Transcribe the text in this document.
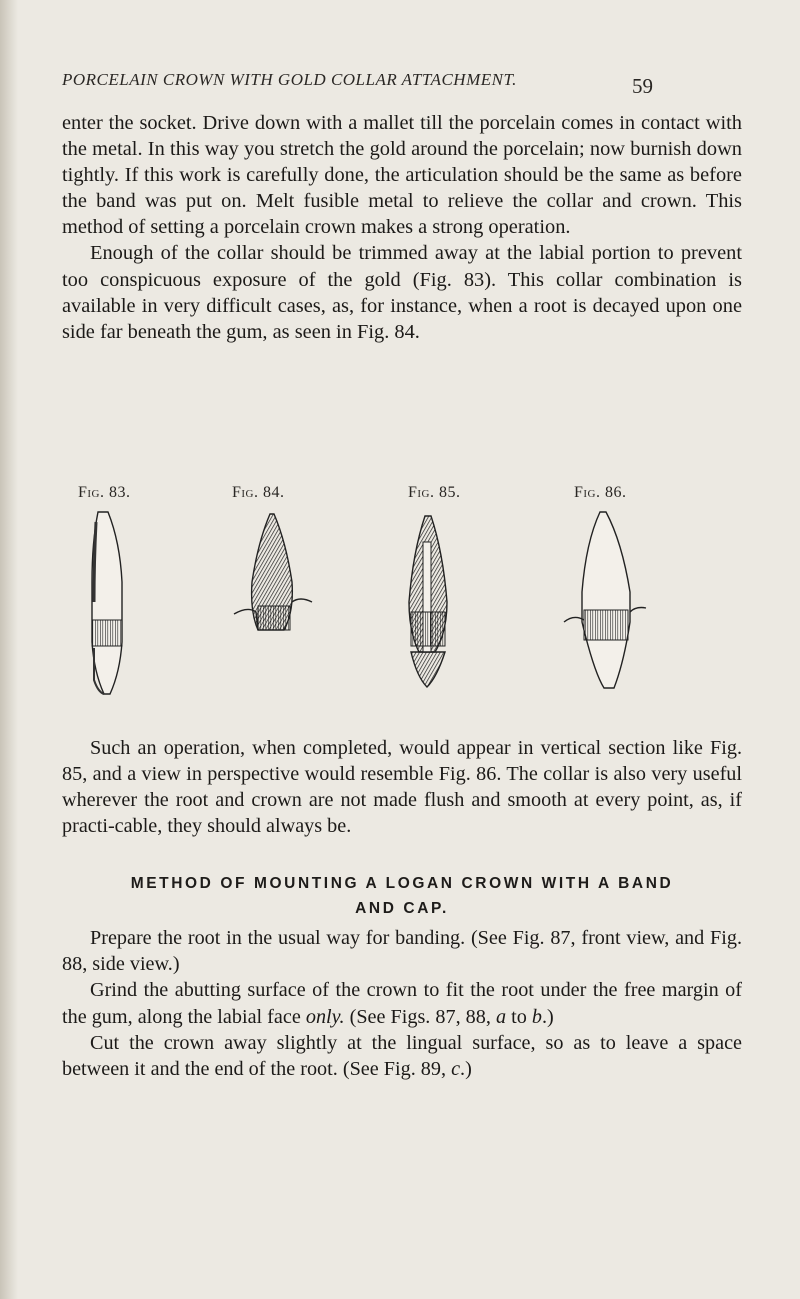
PORCELAIN CROWN WITH GOLD COLLAR ATTACHMENT.	59

enter the socket. Drive down with a mallet till the porcelain comes in contact with the metal. In this way you stretch the gold around the porcelain; now burnish down tightly. If this work is carefully done, the articulation should be the same as before the band was put on. Melt fusible metal to relieve the collar and crown. This method of setting a porcelain crown makes a strong operation.

Enough of the collar should be trimmed away at the labial portion to prevent too conspicuous exposure of the gold (Fig. 83). This collar combination is available in very difficult cases, as, for instance, when a root is decayed upon one side far beneath the gum, as seen in Fig. 84.

Fig. 83.	Fig. 84.	Fig. 85.	Fig. 86.

Such an operation, when completed, would appear in vertical section like Fig. 85, and a view in perspective would resemble Fig. 86. The collar is also very useful wherever the root and crown are not made flush and smooth at every point, as, if practi-cable, they should always be.

METHOD OF MOUNTING A LOGAN CROWN WITH A BAND
AND CAP.

Prepare the root in the usual way for banding. (See Fig. 87, front view, and Fig. 88, side view.)

Grind the abutting surface of the crown to fit the root under the free margin of the gum, along the labial face only. (See Figs. 87, 88, a to b.)

Cut the crown away slightly at the lingual surface, so as to leave a space between it and the end of the root. (See Fig. 89, c.)
